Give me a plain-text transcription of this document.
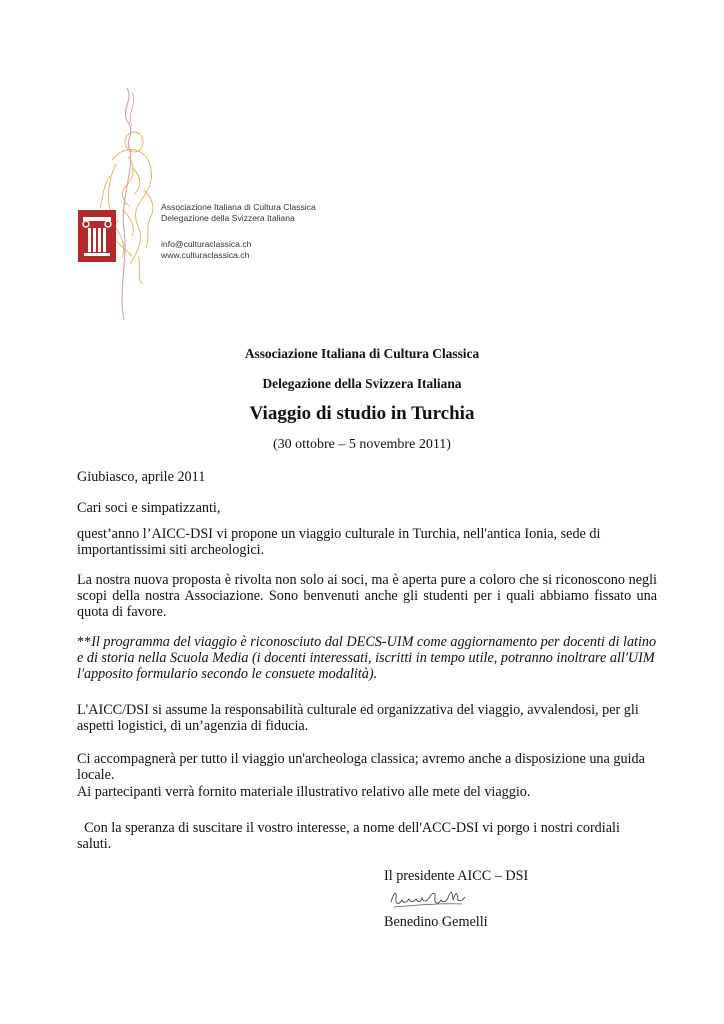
Associazione Italiana di Cultura Classica
Delegazione della Svizzera Italiana
info@culturaclassica.ch
www.culturaclassica.ch
Associazione Italiana di Cultura Classica
Delegazione della Svizzera Italiana
Viaggio di studio in Turchia
(30 ottobre – 5 novembre 2011)
Giubiasco, aprile 2011
Cari soci e simpatizzanti,
quest’anno l’AICC-DSI vi propone un viaggio culturale in Turchia, nell'antica Ionia, sede di importantissimi siti archeologici.
La nostra nuova proposta è rivolta non solo ai soci, ma è aperta pure a coloro che si riconoscono negli scopi della nostra Associazione. Sono benvenuti anche gli studenti per i quali abbiamo fissato una quota di favore.
**Il programma del viaggio è riconosciuto dal DECS-UIM come aggiornamento per docenti di latino e di storia nella Scuola Media (i docenti interessati, iscritti in tempo utile, potranno inoltrare all'UIM l'apposito formulario secondo le consuete modalità).
L'AICC/DSI si assume la responsabilità culturale ed organizzativa del viaggio, avvalendosi, per gli aspetti logistici, di un’agenzia di fiducia.
Ci accompagnerà per tutto il viaggio un'archeologa classica; avremo anche a disposizione una guida locale.
Ai partecipanti verrà fornito materiale illustrativo relativo alle mete del viaggio.
Con la speranza di suscitare il vostro interesse, a nome dell'ACC-DSI vi porgo i nostri cordiali saluti.
Il presidente AICC – DSI
Benedino Gemelli
